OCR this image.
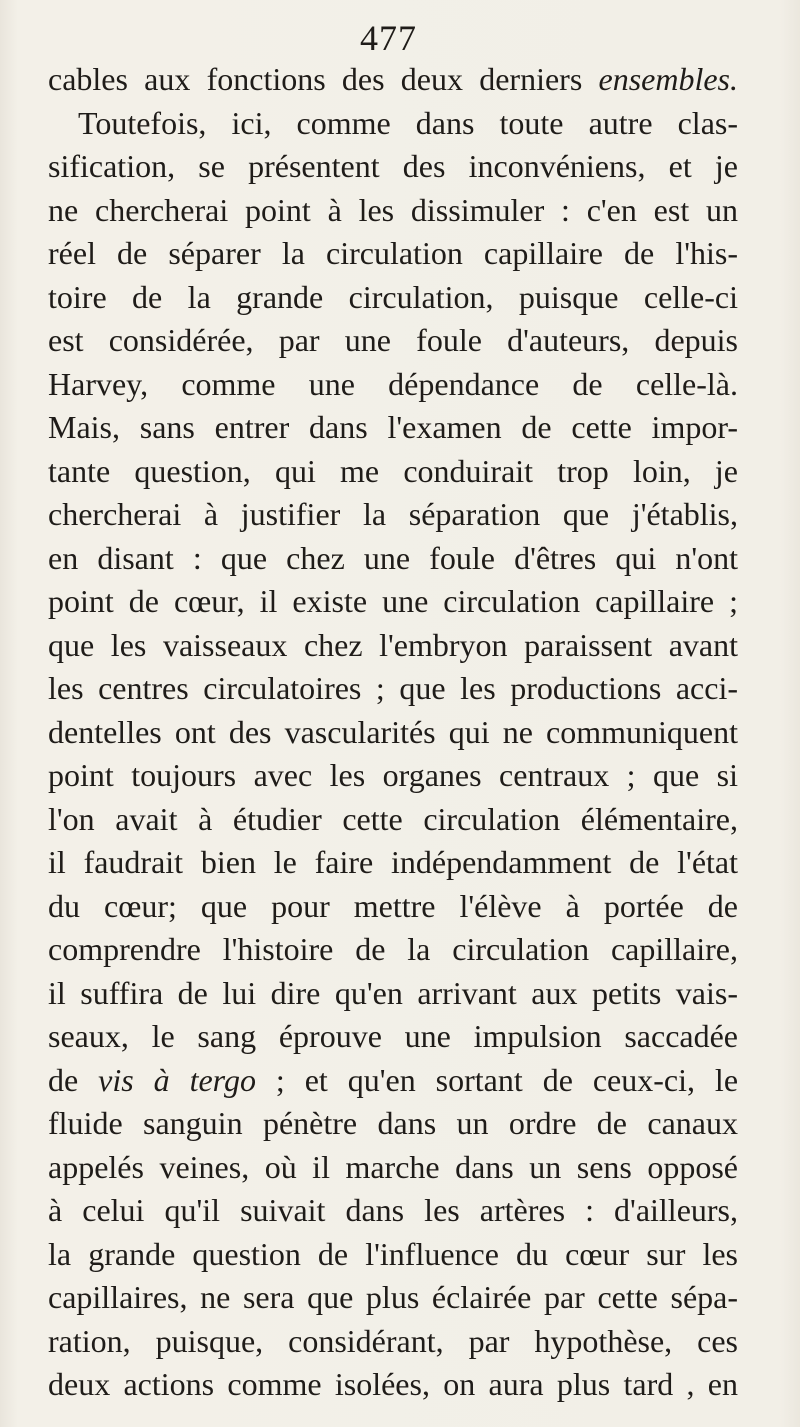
477
cables aux fonctions des deux derniers ensembles.
Toutefois, ici, comme dans toute autre clas-
sification, se présentent des inconvéniens, et je
ne chercherai point à les dissimuler : c'en est un
réel de séparer la circulation capillaire de l'his-
toire de la grande circulation, puisque celle-ci
est considérée, par une foule d'auteurs, depuis
Harvey, comme une dépendance de celle-là.
Mais, sans entrer dans l'examen de cette impor-
tante question, qui me conduirait trop loin, je
chercherai à justifier la séparation que j'établis,
en disant : que chez une foule d'êtres qui n'ont
point de cœur, il existe une circulation capillaire ;
que les vaisseaux chez l'embryon paraissent avant
les centres circulatoires ; que les productions acci-
dentelles ont des vascularités qui ne communiquent
point toujours avec les organes centraux ; que si
l'on avait à étudier cette circulation élémentaire,
il faudrait bien le faire indépendamment de l'état
du cœur; que pour mettre l'élève à portée de
comprendre l'histoire de la circulation capillaire,
il suffira de lui dire qu'en arrivant aux petits vais-
seaux, le sang éprouve une impulsion saccadée
de vis à tergo ; et qu'en sortant de ceux-ci, le
fluide sanguin pénètre dans un ordre de canaux
appelés veines, où il marche dans un sens opposé
à celui qu'il suivait dans les artères : d'ailleurs,
la grande question de l'influence du cœur sur les
capillaires, ne sera que plus éclairée par cette sépa-
ration, puisque, considérant, par hypothèse, ces
deux actions comme isolées, on aura plus tard , en
